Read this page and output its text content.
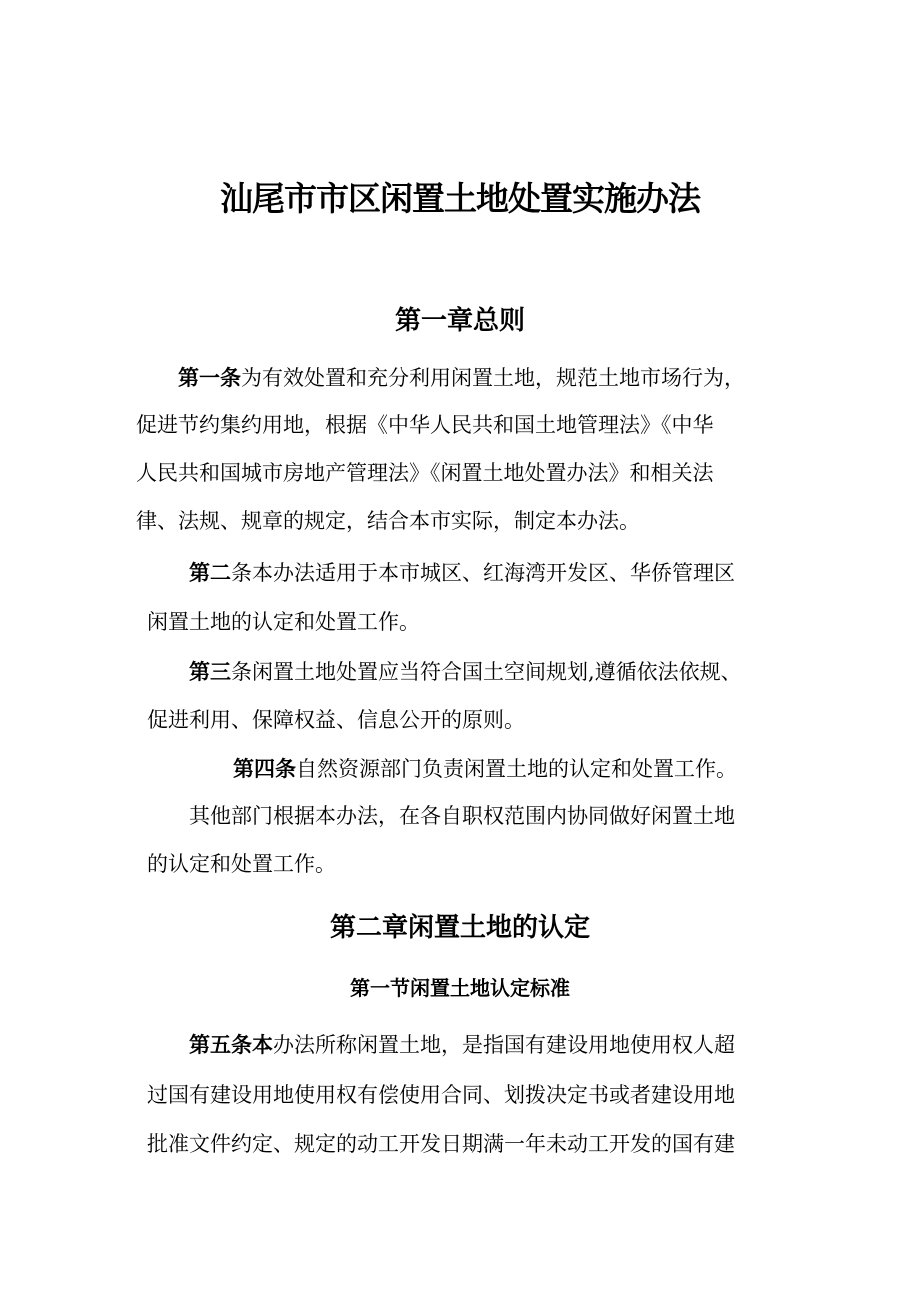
汕尾市市区闲置土地处置实施办法
第一章总则

第一条为有效处置和充分利用闲置土地，规范土地市场行为，

促进节约集约用地，根据《中华人民共和国土地管理法》《中华

人民共和国城市房地产管理法》《闲置土地处置办法》和相关法

律、法规、规章的规定，结合本市实际，制定本办法。

第二条本办法适用于本市城区、红海湾开发区、华侨管理区

闲置土地的认定和处置工作。

第三条闲置土地处置应当符合国土空间规划,遵循依法依规、

促进利用、保障权益、信息公开的原则。

第四条自然资源部门负责闲置土地的认定和处置工作。

其他部门根据本办法，在各自职权范围内协同做好闲置土地

的认定和处置工作。

第二章闲置土地的认定
第一节闲置土地认定标准

第五条本办法所称闲置土地，是指国有建设用地使用权人超

过国有建设用地使用权有偿使用合同、划拨决定书或者建设用地

批准文件约定、规定的动工开发日期满一年未动工开发的国有建
